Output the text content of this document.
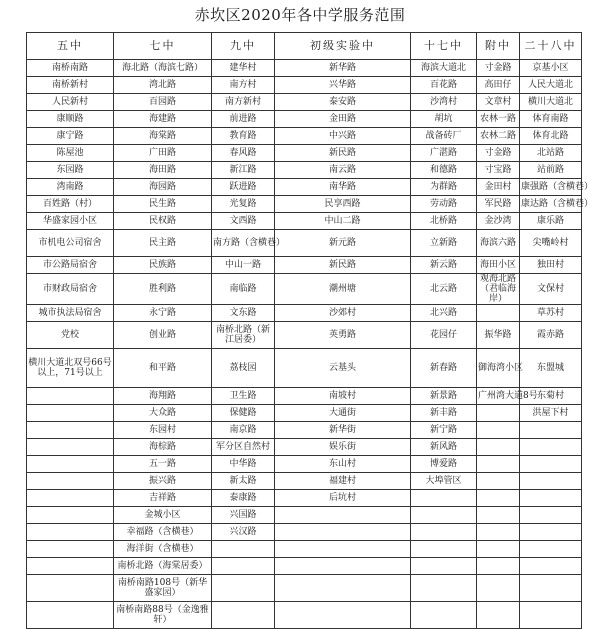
赤坎区2020年各中学服务范围
五中	七中	九中	初级实验中	十七中	附中	二十八中
南桥南路	海北路（海滨七路）	建华村	新华路	海滨大道北	寸金路	京基小区
南桥新村	湾北路	南方村	兴华路	百花路	高田仔	人民大道北
人民新村	百园路	南方新村	泰安路	沙湾村	文章村	横川大道北
康顺路	海建路	前进路	金田路	胡坑	农林一路	体育南路
康宁路	海棠路	教育路	中兴路	战备砖厂	农林二路	体育北路
陈屋池	广田路	春风路	新民路	广湛路	寸金路	北站路
东园路	海田路	新江路	南云路	和德路	寸宝路	站前路
湾南路	海园路	跃进路	南华路	为群路	金田村	康强路（含横巷）
百姓路（村）	民生路	光复路	民享西路	劳动路	军民路	康达路（含横巷）
华盛家园小区	民权路	文西路	中山二路	北桥路	金沙湾	康乐路
市机电公司宿舍	民主路	南方路（含横巷）	新元路	立新路	海滨六路	尖嘴岭村
市公路局宿舍	民族路	中山一路	新民路	新云路	海田小区	独田村
市财政局宿舍	胜利路	南临路	潮州塘	北云路	观海北路（君临海岸）	文保村
城市执法局宿舍	永宁路	文东路	沙郊村	北兴路		草苏村
党校	创业路	南桥北路（新江居委）	英勇路	花园仔	振华路	霞赤路
横川大道北双号66号以上，71号以上	和平路	荔枝园	云基头	新春路	御海湾小区	东盟城
	海翔路	卫生路	南坡村	新景路	广州湾大道8号	东菊村
	大众路	保健路	大通街	新丰路		洪屋下村
	东园村	南京路	新华街	新宁路		
	海棕路	军分区自然村	娱乐街	新风路		
	五一路	中华路	东山村	博爱路		
	振兴路	新太路	福建村	大埠管区		
	吉祥路	泰康路	后坑村			
	金城小区	兴国路				
	幸福路（含横巷）	兴汉路				
	海洋街（含横巷）					
	南桥北路（海棠居委）					
	南桥南路108号（新华盛家园）					
	南桥南路88号（金逸雅轩）					
